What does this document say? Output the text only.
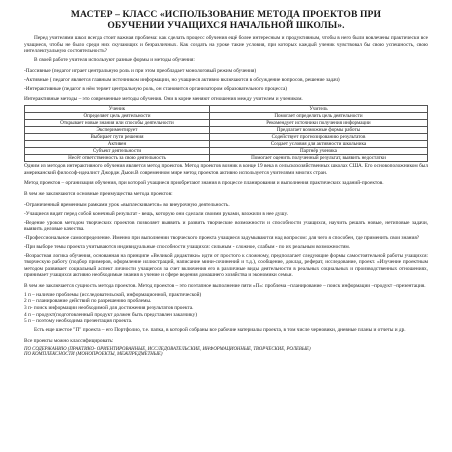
МАСТЕР – КЛАСС «ИСПОЛЬЗОВАНИЕ МЕТОДА ПРОЕКТОВ ПРИ
ОБУЧЕНИИ УЧАЩИХСЯ НАЧАЛЬНОЙ ШКОЛЫ».

Перед учителями школ всегда стоит важная проблема: как сделать процесс обучения ещё более интересным и продуктивным, чтобы в него были вовлечены практически все учащиеся, чтобы не было среди них скучающих и безразличных. Как создать на уроке такие условия, при которых каждый ученик чувствовал бы свою успешность, свою интеллектуальную состоятельность?

В своей работе учителя используют разные формы и методы обучения:

-Пассивные (педагог играет центральную роль и при этом преобладает монологовый режим обучения)

-Активные ( педагог является главным источником информации, но учащиеся активно включаются в обсуждение вопросов, решение задач)

-Интерактивные (педагог в нём теряет центральную роль, он становится организатором образовательного процесса)

Интерактивные методы – это современные методы обучения. Они в корне меняют отношения между учителем и учеником.

Ученик	Учитель
Определяет цель деятельности	Помогает определить цель деятельности
Открывает новые знания или способы деятельности	Рекомендует источники получения информации
Экспериментирует	Предлагает возможные формы работы
Выбирает пути решения	Содействует прогнозированию результатов
Активен	Создает условия для активности школьника
Субъект деятельности	Партнёр ученика
Несёт ответственность за свою деятельность	Помогает оценить полученный результат, выявить недостатки

Одним из методов интерактивного обучения является метод проектов. Метод проектов возник в конце 19 века в сельскохозяйственных школах США. Его основоположником был американский философ-идеалист Джордж Дьюи.В современном мире метод проектов активно используется учителями многих стран.

Метод проектов – организация обучения, при которой учащиеся приобретают знания в процессе планирования и выполнения практических заданий-проектов.

В чем же заключаются основные преимущества метода проектов:

-Ограниченный временным рамками урок «выплескивается» во внеурочную деятельность.

-Учащиеся видят перед собой конечный результат - вещь, которую они сделали своими руками, вложили в нее душу.

-Ведение уроков методом творческих проектов позволяет выявить и развить творческие возможности и способности учащихся, научить решать новые, нетиповые задачи, выявить деловые качества.

-Профессиональное самоопределение. Именно при выполнении творческого проекта учащиеся задумываются над вопросом: для чего я способен, где применить свои знания?

-При выборе темы проекта учитываются индивидуальные способности учащихся: сильным - сложное, слабым - по их реальным возможностям.

-Возрастная логика обучения, основанная на принципе «Великой дидактики» идти от простого к сложному, предполагает следующие формы самостоятельной работы учащихся: творческую работу (подбор примеров, оформление иллюстраций, написание мини-сочинений и т.д.), сообщение, доклад, реферат, исследование, проект. «Изучение проектным методом развивает социальный аспект личности учащегося за счет включения его в различные виды деятельности в реальных социальных и производственных отношениях, принимает учащихся активно необходимые знания в учение и сфере ведения домашнего хозяйства и экономики семьи.

В чем же заключается сущность метода проектов. Метод проектов – это поэтапное выполнение пяти «П»: проблема –планирование – поиск информации –продукт –презентация.

1 п – наличие проблемы (исследовательской, информационной, практической)

2 п – планирование действий по разрешению проблемы.

3 п- поиск информации необходимой для достижения результатов проекта.

4 п – продукт(подготовленный продукт должен быть представлен заказчику)

5 п – поэтому необходима презентация проекта.

Есть еще шестое "П" проекта – его Портфолио, т.е. папка, в которой собраны все рабочие материалы проекта, в том числе черновики, дневные планы и отчеты и др.

Все проекты можно классифицировать:

ПО СОДЕРЖАНИЮ (ПРАКТИКО- ОРИЕНТИРОВАННЫЕ, ИССЛЕДОВАТЕЛЬСКИЕ, ИНФОРМАЦИОННЫЕ, ТВОРЧЕСКИЕ, РОЛЕВЫЕ)
ПО КОМПЛЕКСНОСТИ (МОНОПРОЕКТЫ, МЕЖПРЕДМЕТНЫЕ)
